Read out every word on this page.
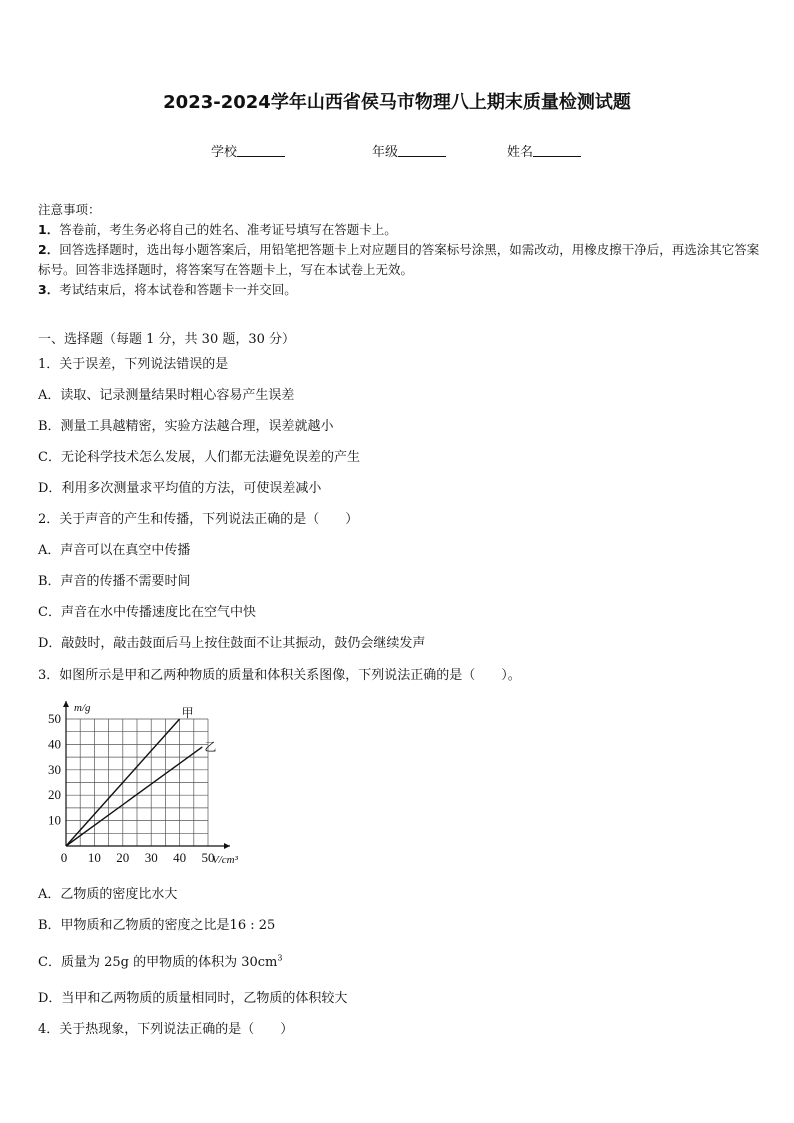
2023-2024学年山西省侯马市物理八上期末质量检测试题
学校	年级	姓名
注意事项：
1．答卷前，考生务必将自己的姓名、准考证号填写在答题卡上。
2．回答选择题时，选出每小题答案后，用铅笔把答题卡上对应题目的答案标号涂黑，如需改动，用橡皮擦干净后，再选涂其它答案标号。回答非选择题时，将答案写在答题卡上，写在本试卷上无效。
3．考试结束后，将本试卷和答题卡一并交回。
一、选择题（每题 1 分，共 30 题，30 分）
1．关于误差，下列说法错误的是
A．读取、记录测量结果时粗心容易产生误差
B．测量工具越精密，实验方法越合理，误差就越小
C．无论科学技术怎么发展，人们都无法避免误差的产生
D．利用多次测量求平均值的方法，可使误差减小
2．关于声音的产生和传播，下列说法正确的是（　　）
A．声音可以在真空中传播
B．声音的传播不需要时间
C．声音在水中传播速度比在空气中快
D．敲鼓时，敲击鼓面后马上按住鼓面不让其振动，鼓仍会继续发声
3．如图所示是甲和乙两种物质的质量和体积关系图像，下列说法正确的是（　　）。
0 10 20 30 40 50
10
20
30
40
50
V/cm³
m/g	甲
乙
A．乙物质的密度比水大
B．甲物质和乙物质的密度之比是16 : 25
C．质量为 25g 的甲物质的体积为 $30cm^3$
D．当甲和乙两物质的质量相同时，乙物质的体积较大
4．关于热现象，下列说法正确的是（　　）
